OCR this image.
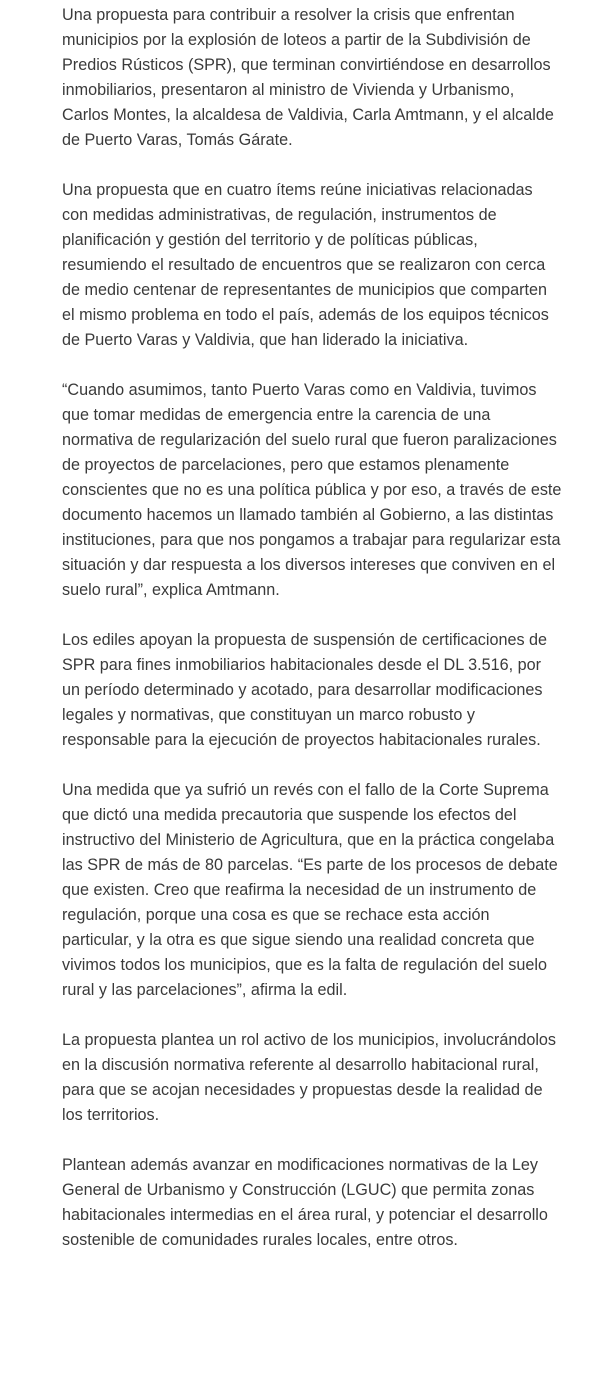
Una propuesta para contribuir a resolver la crisis que enfrentan municipios por la explosión de loteos a partir de la Subdivisión de Predios Rústicos (SPR), que terminan convirtiéndose en desarrollos inmobiliarios, presentaron al ministro de Vivienda y Urbanismo, Carlos Montes, la alcaldesa de Valdivia, Carla Amtmann, y el alcalde de Puerto Varas, Tomás Gárate.

Una propuesta que en cuatro ítems reúne iniciativas relacionadas con medidas administrativas, de regulación, instrumentos de planificación y gestión del territorio y de políticas públicas, resumiendo el resultado de encuentros que se realizaron con cerca de medio centenar de representantes de municipios que comparten el mismo problema en todo el país, además de los equipos técnicos de Puerto Varas y Valdivia, que han liderado la iniciativa.

“Cuando asumimos, tanto Puerto Varas como en Valdivia, tuvimos que tomar medidas de emergencia entre la carencia de una normativa de regularización del suelo rural que fueron paralizaciones de proyectos de parcelaciones, pero que estamos plenamente conscientes que no es una política pública y por eso, a través de este documento hacemos un llamado también al Gobierno, a las distintas instituciones, para que nos pongamos a trabajar para regularizar esta situación y dar respuesta a los diversos intereses que conviven en el suelo rural”, explica Amtmann.

Los ediles apoyan la propuesta de suspensión de certificaciones de SPR para fines inmobiliarios habitacionales desde el DL 3.516, por un período determinado y acotado, para desarrollar modificaciones legales y normativas, que constituyan un marco robusto y responsable para la ejecución de proyectos habitacionales rurales.

Una medida que ya sufrió un revés con el fallo de la Corte Suprema que dictó una medida precautoria que suspende los efectos del instructivo del Ministerio de Agricultura, que en la práctica congelaba las SPR de más de 80 parcelas. “Es parte de los procesos de debate que existen. Creo que reafirma la necesidad de un instrumento de regulación, porque una cosa es que se rechace esta acción particular, y la otra es que sigue siendo una realidad concreta que vivimos todos los municipios, que es la falta de regulación del suelo rural y las parcelaciones”, afirma la edil.

La propuesta plantea un rol activo de los municipios, involucrándolos en la discusión normativa referente al desarrollo habitacional rural, para que se acojan necesidades y propuestas desde la realidad de los territorios.

Plantean además avanzar en modificaciones normativas de la Ley General de Urbanismo y Construcción (LGUC) que permita zonas habitacionales intermedias en el área rural, y potenciar el desarrollo sostenible de comunidades rurales locales, entre otros.
